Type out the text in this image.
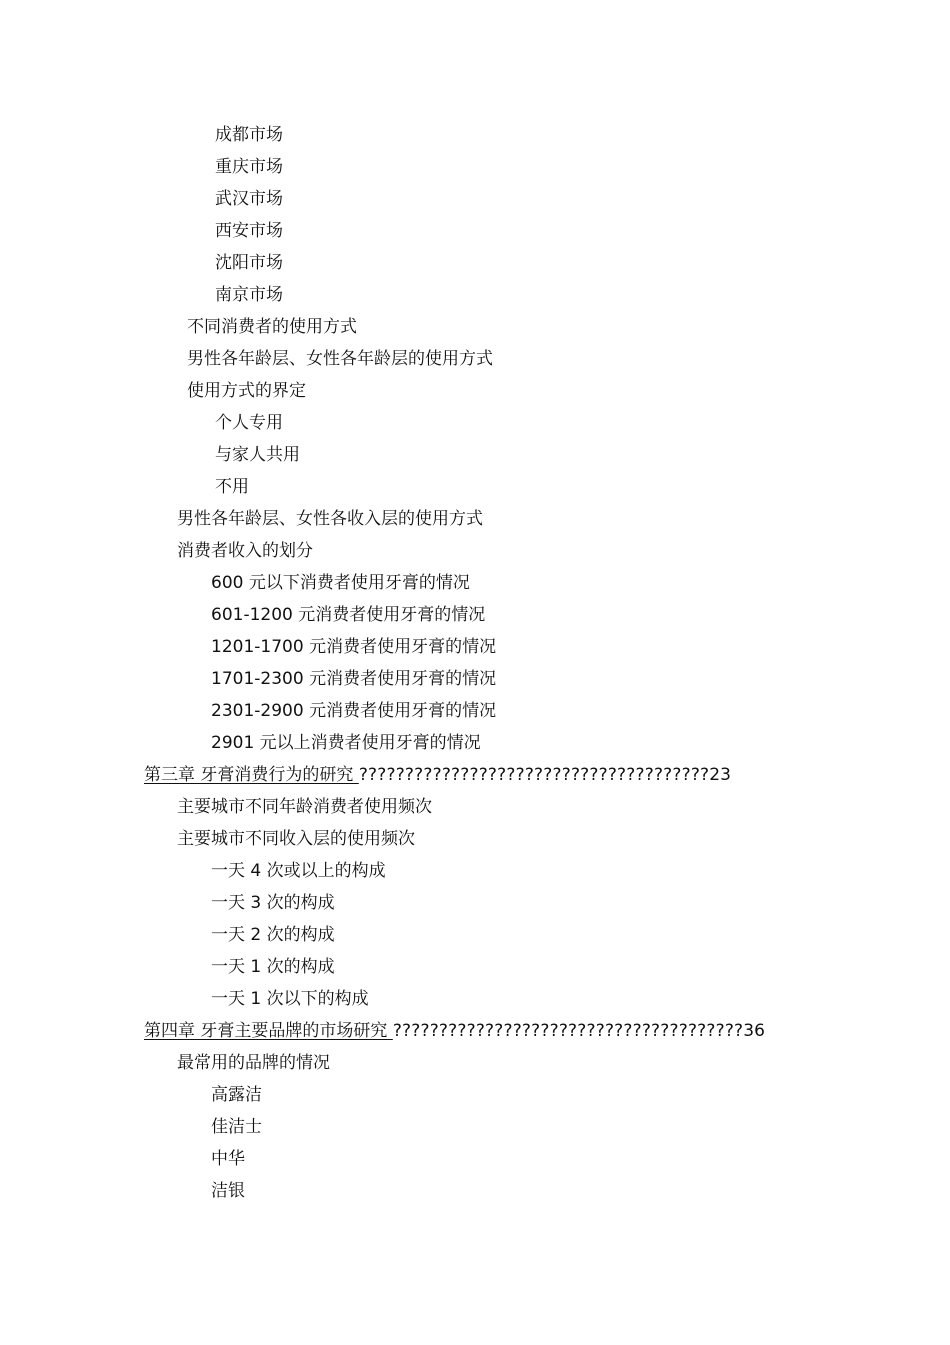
成都市场
重庆市场
武汉市场
西安市场
沈阳市场
南京市场
不同消费者的使用方式
男性各年龄层、女性各年龄层的使用方式
使用方式的界定
个人专用
与家人共用
不用
男性各年龄层、女性各收入层的使用方式
消费者收入的划分
600 元以下消费者使用牙膏的情况
601-1200 元消费者使用牙膏的情况
1201-1700 元消费者使用牙膏的情况
1701-2300 元消费者使用牙膏的情况
2301-2900 元消费者使用牙膏的情况
2901 元以上消费者使用牙膏的情况
第三章 牙膏消费行为的研究 ??????????????????????????????????????23
主要城市不同年龄消费者使用频次
主要城市不同收入层的使用频次
一天 4 次或以上的构成
一天 3 次的构成
一天 2 次的构成
一天 1 次的构成
一天 1 次以下的构成
第四章 牙膏主要品牌的市场研究 ??????????????????????????????????????36
最常用的品牌的情况
高露洁
佳洁士
中华
洁银
